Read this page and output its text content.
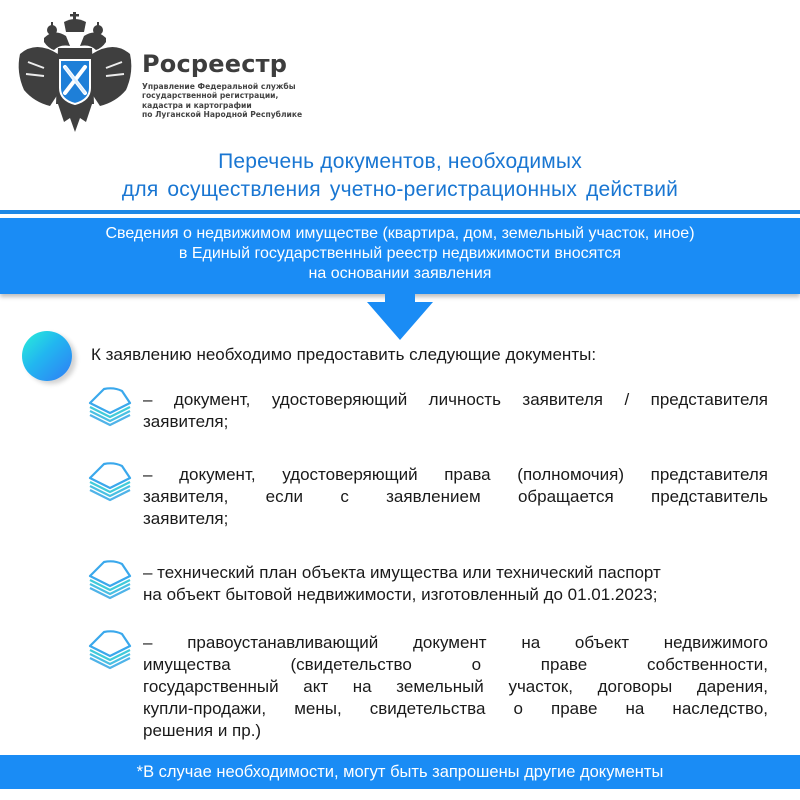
Росреестр
Управление Федеральной службы
государственной регистрации,
кадастра и картографии
по Луганской Народной Республике
Перечень документов, необходимых
для осуществления учетно-регистрационных действий
Сведения о недвижимом имуществе (квартира, дом, земельный участок, иное)
в Единый государственный реестр недвижимости вносятся
на основании заявления
К заявлению необходимо предоставить следующие документы:
– документ, удостоверяющий личность заявителя / представителя
заявителя;
– документ, удостоверяющий права (полномочия) представителя
заявителя, если с заявлением обращается представитель
заявителя;
– технический план объекта имущества или технический паспорт
на объект бытовой недвижимости, изготовленный до 01.01.2023;
– правоустанавливающий документ на объект недвижимого
имущества (свидетельство о праве собственности,
государственный акт на земельный участок, договоры дарения,
купли-продажи, мены, свидетельства о праве на наследство,
решения и пр.)
*В случае необходимости, могут быть запрошены другие документы
